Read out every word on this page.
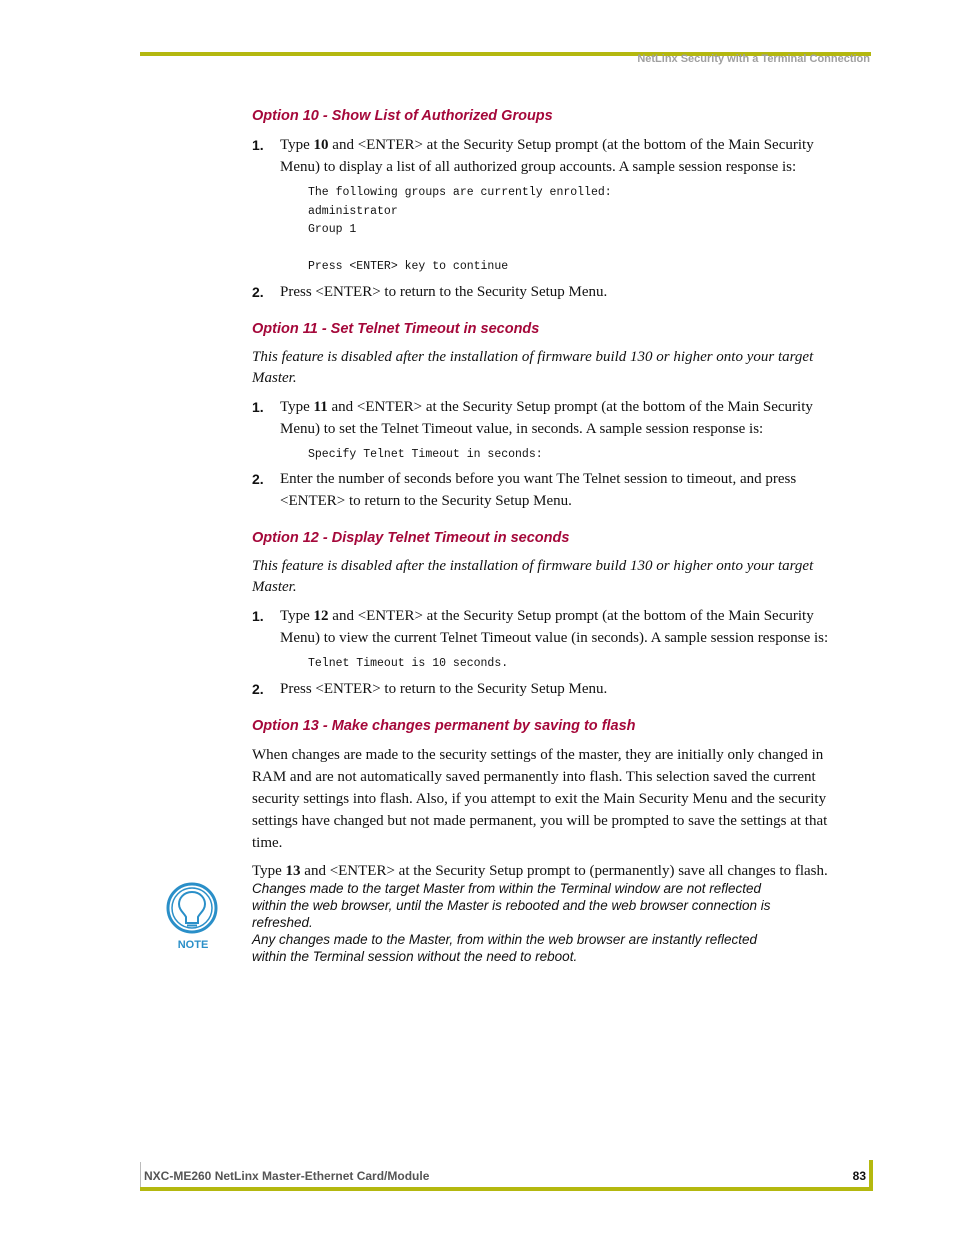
NetLinx Security with a Terminal Connection
Option 10 - Show List of Authorized Groups
1. Type 10 and <ENTER> at the Security Setup prompt (at the bottom of the Main Security Menu) to display a list of all authorized group accounts. A sample session response is:
The following groups are currently enrolled:
administrator
Group 1

Press <ENTER> key to continue
2. Press <ENTER> to return to the Security Setup Menu.
Option 11 - Set Telnet Timeout in seconds
This feature is disabled after the installation of firmware build 130 or higher onto your target Master.
1. Type 11 and <ENTER> at the Security Setup prompt (at the bottom of the Main Security Menu) to set the Telnet Timeout value, in seconds. A sample session response is:
Specify Telnet Timeout in seconds:
2. Enter the number of seconds before you want The Telnet session to timeout, and press <ENTER> to return to the Security Setup Menu.
Option 12 - Display Telnet Timeout in seconds
This feature is disabled after the installation of firmware build 130 or higher onto your target Master.
1. Type 12 and <ENTER> at the Security Setup prompt (at the bottom of the Main Security Menu) to view the current Telnet Timeout value (in seconds). A sample session response is:
Telnet Timeout is 10 seconds.
2. Press <ENTER> to return to the Security Setup Menu.
Option 13 - Make changes permanent by saving to flash

When changes are made to the security settings of the master, they are initially only changed in RAM and are not automatically saved permanently into flash. This selection saved the current security settings into flash. Also, if you attempt to exit the Main Security Menu and the security settings have changed but not made permanent, you will be prompted to save the settings at that time.

Type 13 and <ENTER> at the Security Setup prompt to (permanently) save all changes to flash.

NOTE
Changes made to the target Master from within the Terminal window are not reflected within the web browser, until the Master is rebooted and the web browser connection is refreshed.
Any changes made to the Master, from within the web browser are instantly reflected within the Terminal session without the need to reboot.
NXC-ME260 NetLinx Master-Ethernet Card/Module	83
